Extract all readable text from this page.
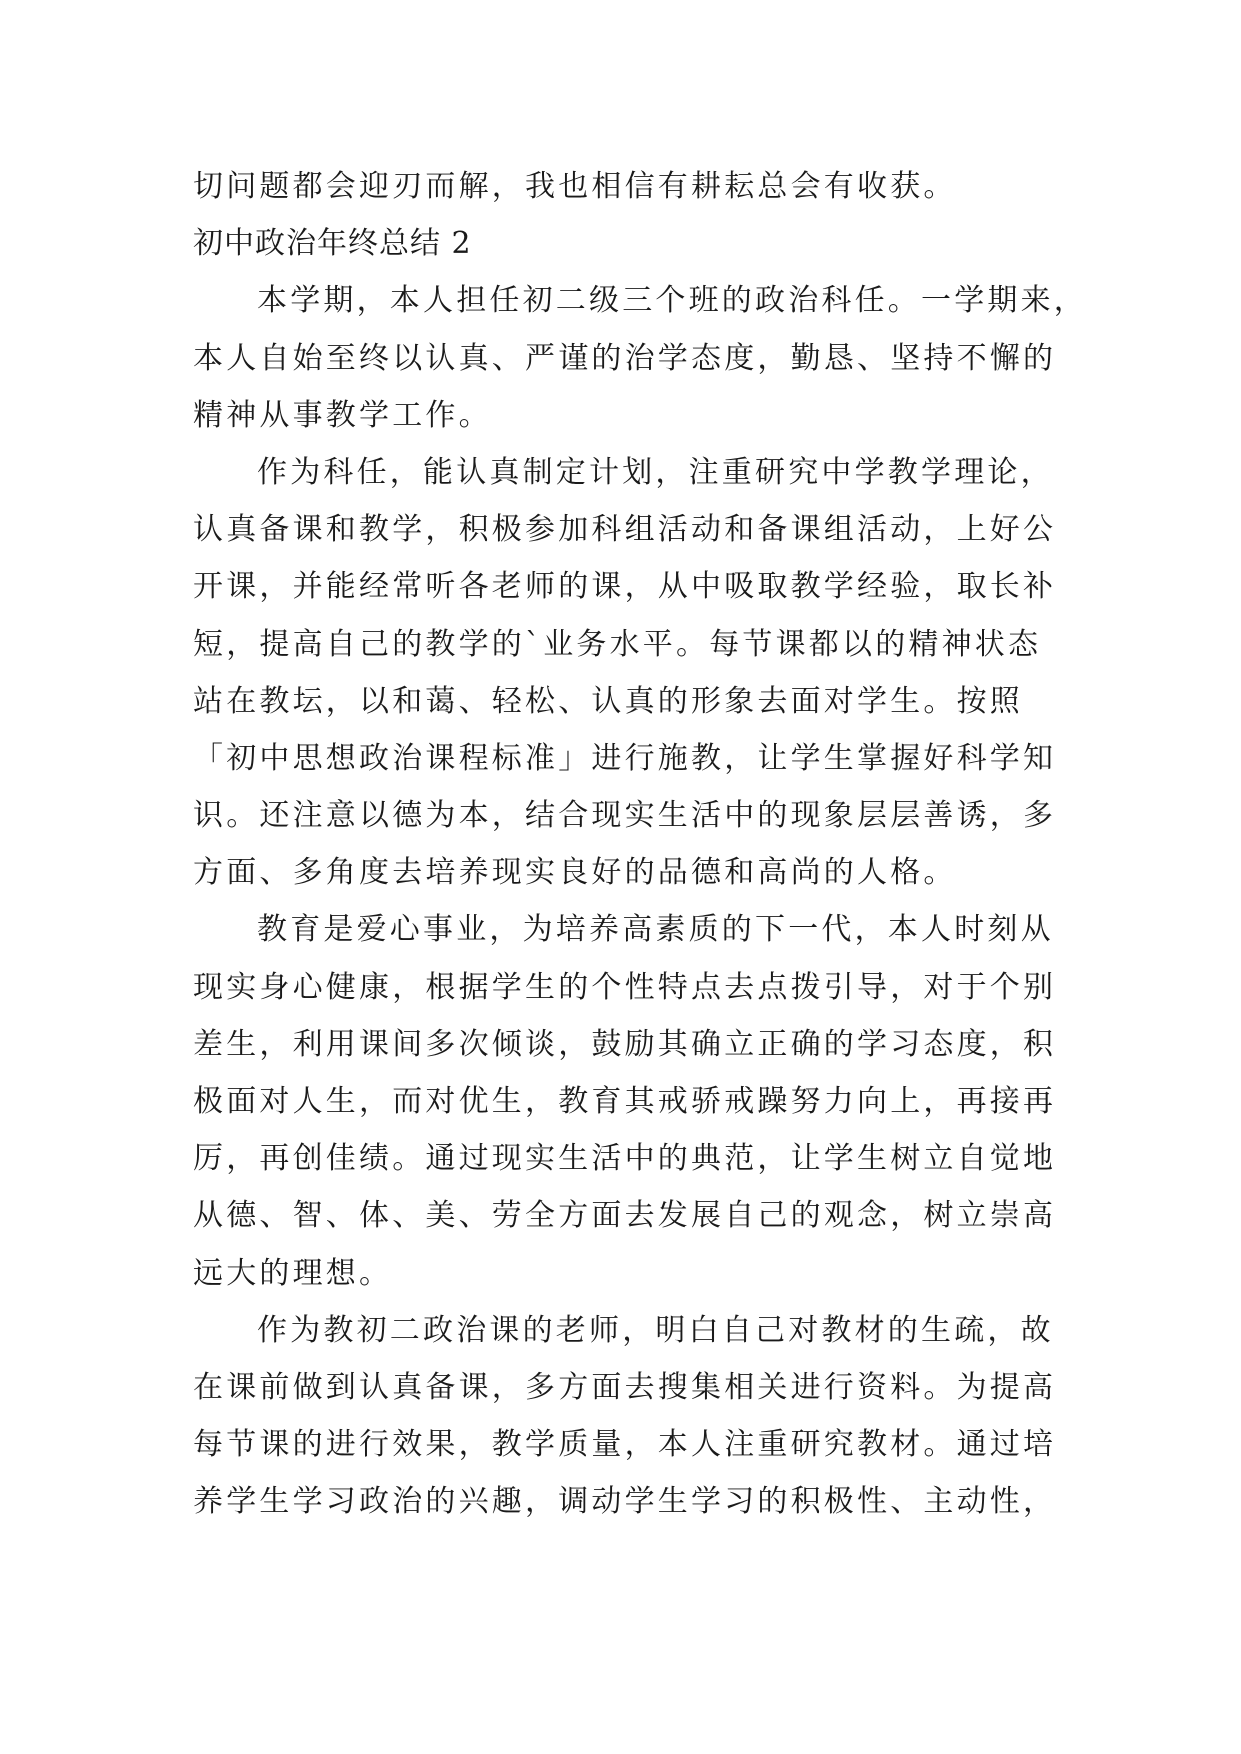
切问题都会迎刃而解，我也相信有耕耘总会有收获。
初中政治年终总结 2
本学期，本人担任初二级三个班的政治科任。一学期来，
本人自始至终以认真、严谨的治学态度，勤恳、坚持不懈的
精神从事教学工作。
作为科任，能认真制定计划，注重研究中学教学理论，
认真备课和教学，积极参加科组活动和备课组活动，上好公
开课，并能经常听各老师的课，从中吸取教学经验，取长补
短，提高自己的教学的`业务水平。每节课都以的精神状态
站在教坛，以和蔼、轻松、认真的形象去面对学生。按照
「初中思想政治课程标准」进行施教，让学生掌握好科学知
识。还注意以德为本，结合现实生活中的现象层层善诱，多
方面、多角度去培养现实良好的品德和高尚的人格。
教育是爱心事业，为培养高素质的下一代，本人时刻从
现实身心健康，根据学生的个性特点去点拨引导，对于个别
差生，利用课间多次倾谈，鼓励其确立正确的学习态度，积
极面对人生，而对优生，教育其戒骄戒躁努力向上，再接再
厉，再创佳绩。通过现实生活中的典范，让学生树立自觉地
从德、智、体、美、劳全方面去发展自己的观念，树立崇高
远大的理想。
作为教初二政治课的老师，明白自己对教材的生疏，故
在课前做到认真备课，多方面去搜集相关进行资料。为提高
每节课的进行效果，教学质量，本人注重研究教材。通过培
养学生学习政治的兴趣，调动学生学习的积极性、主动性，
